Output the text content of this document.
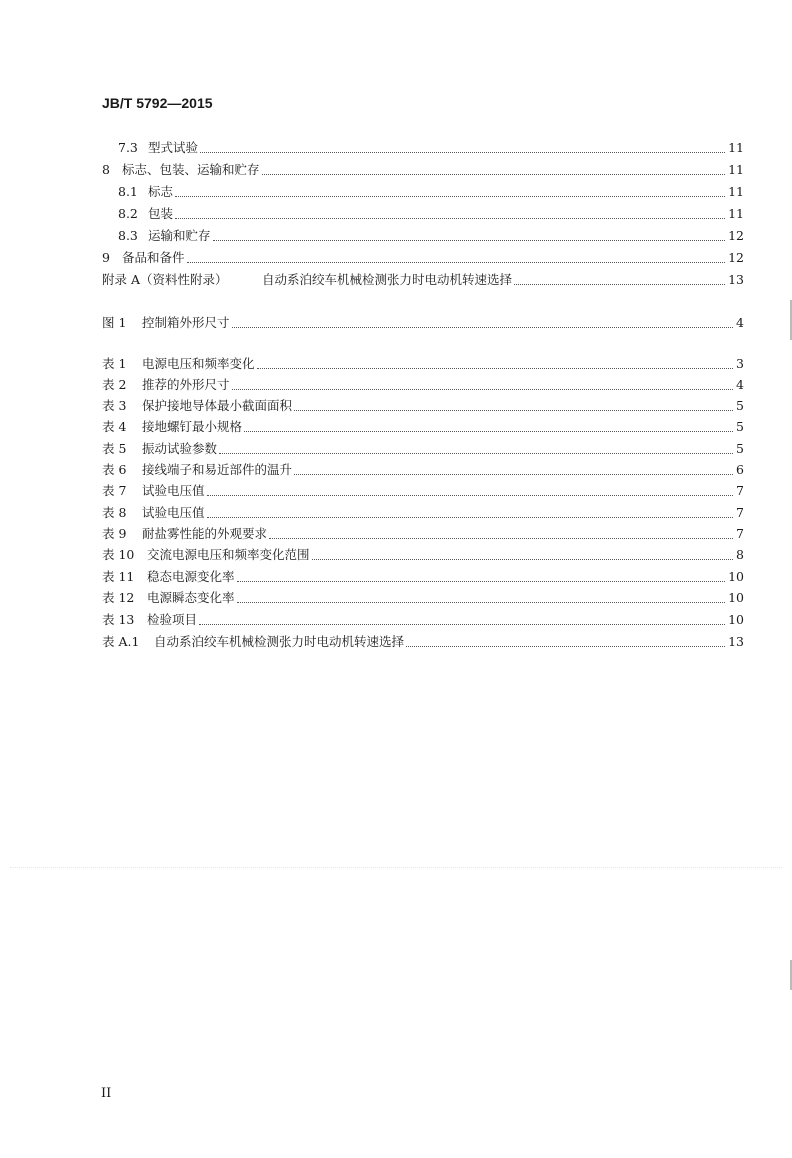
JB/T 5792—2015
7.3 型式试验	11
8 标志、包装、运输和贮存	11
8.1 标志	11
8.2 包装	11
8.3 运输和贮存	12
9 备品和备件	12
附录 A（资料性附录）	自动系泊绞车机械检测张力时电动机转速选择	13
图 1 控制箱外形尺寸	4
表 1 电源电压和频率变化	3
表 2 推荐的外形尺寸	4
表 3 保护接地导体最小截面面积	5
表 4 接地螺钉最小规格	5
表 5 振动试验参数	5
表 6 接线端子和易近部件的温升	6
表 7 试验电压值	7
表 8 试验电压值	7
表 9 耐盐雾性能的外观要求	7
表 10 交流电源电压和频率变化范围	8
表 11 稳态电源变化率	10
表 12 电源瞬态变化率	10
表 13 检验项目	10
表 A.1 自动系泊绞车机械检测张力时电动机转速选择	13
II
